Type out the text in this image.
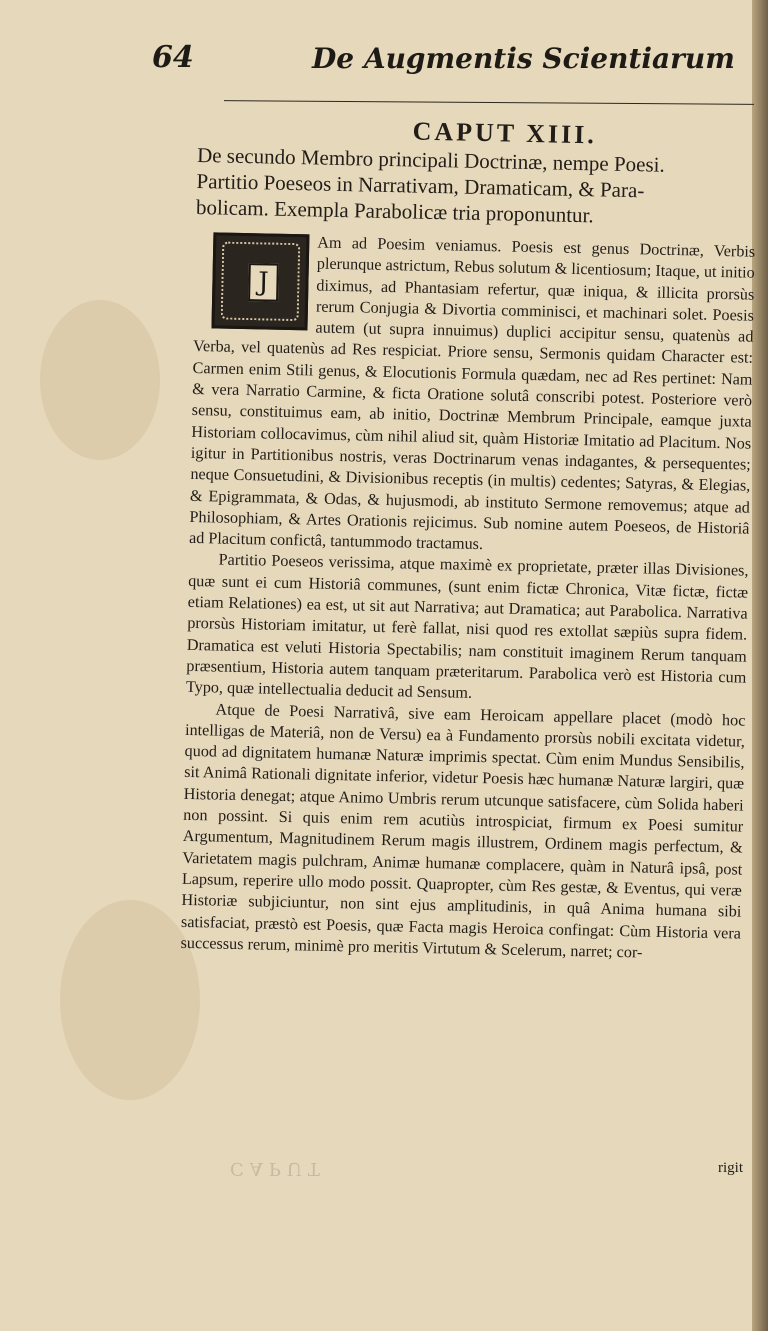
64	De Augmentis Scientiarum
CAPUT XIII.
De secundo Membro principali Doctrinæ, nempe Poesi.
Partitio Poeseos in Narrativam, Dramaticam, & Para-
bolicam. Exempla Parabolicæ tria proponuntur.
J

Am ad Poesim veniamus. Poesis est genus Doctrinæ, Verbis plerunque astrictum, Rebus solutum & licentiosum; Itaque, ut initio diximus, ad Phantasiam refertur, quæ iniqua, & illicita prorsùs rerum Conjugia & Divortia comminisci, et machinari solet. Poesis autem (ut supra innuimus) duplici accipitur sensu, quatenùs ad Verba, vel quatenùs ad Res respiciat. Priore sensu, Sermonis quidam Character est: Carmen enim Stili genus, & Elocutionis Formula quædam, nec ad Res pertinet: Nam & vera Narratio Carmine, & ficta Oratione solutâ conscribi potest. Posteriore verò sensu, constituimus eam, ab initio, Doctrinæ Membrum Principale, eamque juxta Historiam collocavimus, cùm nihil aliud sit, quàm Historiæ Imitatio ad Placitum. Nos igitur in Partitionibus nostris, veras Doctrinarum venas indagantes, & persequentes; neque Consuetudini, & Divisionibus receptis (in multis) cedentes; Satyras, & Elegias, & Epigrammata, & Odas, & hujusmodi, ab instituto Sermone removemus; atque ad Philosophiam, & Artes Orationis rejicimus. Sub nomine autem Poeseos, de Historiâ ad Placitum confictâ, tantummodo tractamus.

Partitio Poeseos verissima, atque maximè ex proprietate, præter illas Divisiones, quæ sunt ei cum Historiâ communes, (sunt enim fictæ Chronica, Vitæ fictæ, fictæ etiam Relationes) ea est, ut sit aut Narrativa; aut Dramatica; aut Parabolica. Narrativa prorsùs Historiam imitatur, ut ferè fallat, nisi quod res extollat sæpiùs supra fidem. Dramatica est veluti Historia Spectabilis; nam constituit imaginem Rerum tanquam præsentium, Historia autem tanquam præteritarum. Parabolica verò est Historia cum Typo, quæ intellectualia deducit ad Sensum.

Atque de Poesi Narrativâ, sive eam Heroicam appellare placet (modò hoc intelligas de Materiâ, non de Versu) ea à Fundamento prorsùs nobili excitata videtur, quod ad dignitatem humanæ Naturæ imprimis spectat. Cùm enim Mundus Sensibilis, sit Animâ Rationali dignitate inferior, videtur Poesis hæc humanæ Naturæ largiri, quæ Historia denegat; atque Animo Umbris rerum utcunque satisfacere, cùm Solida haberi non possint. Si quis enim rem acutiùs introspiciat, firmum ex Poesi sumitur Argumentum, Magnitudinem Rerum magis illustrem, Ordinem magis perfectum, & Varietatem magis pulchram, Animæ humanæ complacere, quàm in Naturâ ipsâ, post Lapsum, reperire ullo modo possit. Quapropter, cùm Res gestæ, & Eventus, qui veræ Historiæ subjiciuntur, non sint ejus amplitudinis, in quâ Anima humana sibi satisfaciat, præstò est Poesis, quæ Facta magis Heroica confingat: Cùm Historia vera successus rerum, minimè pro meritis Virtutum & Scelerum, narret; cor-

CAPUT	rigit
